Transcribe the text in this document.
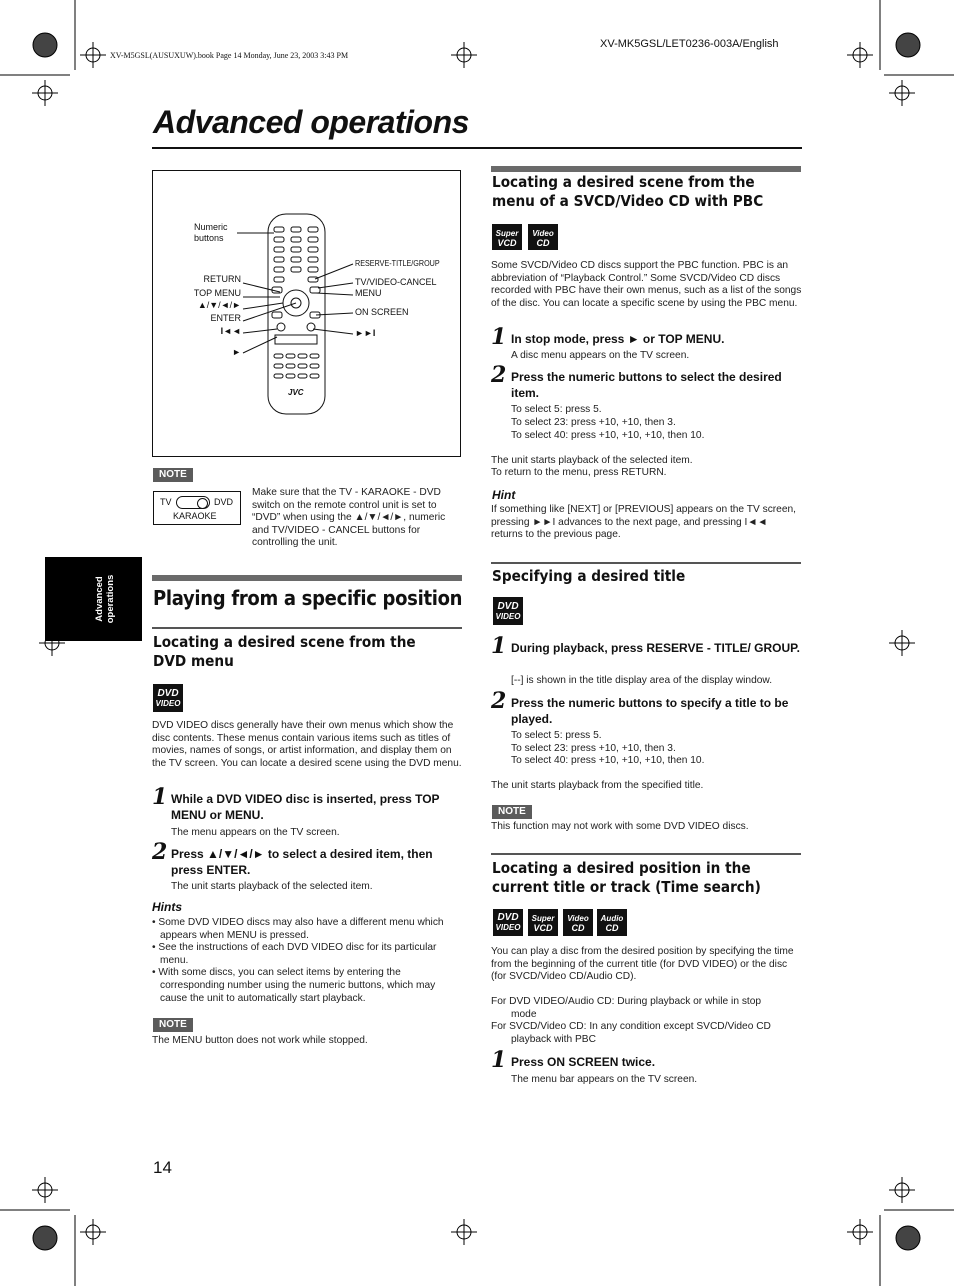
XV-M5GSL(AUSUXUW).book Page 14 Monday, June 23, 2003 3:43 PM
XV-MK5GSL/LET0236-003A/English
Advanced operations
Advanced operations
Numeric buttons
RETURN
TOP MENU
▲/▼/◄/►
ENTER
I◄◄
►
RESERVE-TITLE/GROUP
TV/VIDEO-CANCEL
MENU
ON SCREEN
►►I
JVC
NOTE
TV	DVD
KARAOKE
Make sure that the TV - KARAOKE - DVD switch on the remote control unit is set to “DVD” when using the ▲/▼/◄/►, numeric and TV/VIDEO - CANCEL buttons for controlling the unit.
Playing from a specific position
Locating a desired scene from the DVD menu
DVD
VIDEO
DVD VIDEO discs generally have their own menus which show the disc contents. These menus contain various items such as titles of movies, names of songs, or artist information, and display them on the TV screen. You can locate a desired scene using the DVD menu.
1 While a DVD VIDEO disc is inserted, press TOP MENU or MENU.
The menu appears on the TV screen.
2 Press ▲/▼/◄/► to select a desired item, then press ENTER.
The unit starts playback of the selected item.
Hints
• Some DVD VIDEO discs may also have a different menu which appears when MENU is pressed.
• See the instructions of each DVD VIDEO disc for its particular menu.
• With some discs, you can select items by entering the corresponding number using the numeric buttons, which may cause the unit to automatically start playback.
NOTE
The MENU button does not work while stopped.
14
Locating a desired scene from the menu of a SVCD/Video CD with PBC
Super
VCD
Video
CD
Some SVCD/Video CD discs support the PBC function. PBC is an abbreviation of “Playback Control.” Some SVCD/Video CD discs recorded with PBC have their own menus, such as a list of the songs of the disc. You can locate a specific scene by using the PBC menu.
1 In stop mode, press ► or TOP MENU.
A disc menu appears on the TV screen.
2 Press the numeric buttons to select the desired item.
To select 5: press 5.
To select 23: press +10, +10, then 3.
To select 40: press +10, +10, +10, then 10.
The unit starts playback of the selected item.
To return to the menu, press RETURN.
Hint
If something like [NEXT] or [PREVIOUS] appears on the TV screen, pressing ►►I advances to the next page, and pressing I◄◄ returns to the previous page.
Specifying a desired title
DVD
VIDEO
1 During playback, press RESERVE - TITLE/ GROUP.
[--] is shown in the title display area of the display window.
2 Press the numeric buttons to specify a title to be played.
To select 5: press 5.
To select 23: press +10, +10, then 3.
To select 40: press +10, +10, +10, then 10.
The unit starts playback from the specified title.
NOTE
This function may not work with some DVD VIDEO discs.
Locating a desired position in the current title or track (Time search)
DVD
VIDEO
Super
VCD
Video
CD
Audio
CD
You can play a disc from the desired position by specifying the time from the beginning of the current title (for DVD VIDEO) or the disc (for SVCD/Video CD/Audio CD).
For DVD VIDEO/Audio CD: During playback or while in stop
mode
For SVCD/Video CD: In any condition except SVCD/Video CD
playback with PBC
1 Press ON SCREEN twice.
The menu bar appears on the TV screen.
